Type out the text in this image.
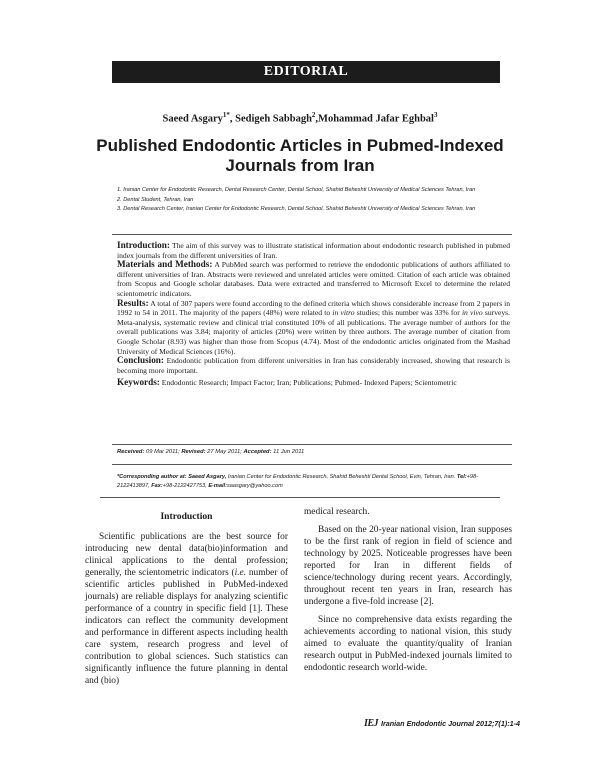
EDITORIAL
Saeed Asgary$^{1*}$, Sedigeh Sabbagh$^2$,Mohammad Jafar Eghbal$^3$
Published Endodontic Articles in Pubmed-Indexed Journals from Iran
1. Iranian Center for Endodontic Research, Dental Research Center, Dental School, Shahid Beheshti University of Medical Sciences Tehran, Iran
2. Dental Student, Tehran, Iran
3. Dental Research Center, Iranian Center for Endodontic Research, Dental School, Shahid Beheshti University of Medical Sciences Tehran, Iran

Introduction: The aim of this survey was to illustrate statistical information about endodontic research published in pubmed index journals from the different universities of Iran.

Materials and Methods: A PubMed search was performed to retrieve the endodontic publications of authors affiliated to different universities of Iran. Abstracts were reviewed and unrelated articles were omitted. Citation of each article was obtained from Scopus and Google scholar databases. Data were extracted and transferred to Microsoft Excel to determine the related scientometric indicators.

Results: A total of 307 papers were found according to the defined criteria which shows considerable increase from 2 papers in 1992 to 54 in 2011. The majority of the papers (48%) were related to in vitro studies; this number was 33% for in vivo surveys. Meta-analysis, systematic review and clinical trial constituted 10% of all publications. The average number of authors for the overall publications was 3.84; majority of articles (20%) were written by three authors. The average number of citation from Google Scholar (8.93) was higher than those from Scopus (4.74). Most of the endodontic articles originated from the Mashad University of Medical Sciences (16%).

Conclusion: Endodontic publication from different universities in Iran has considerably increased, showing that research is becoming more important.

Keywords: Endodontic Research; Impact Factor; Iran; Publications; Pubmed- Indexed Papers; Scientometric

Received: 09 Mar 2011; Revised: 27 May 2011; Accepted: 11 Jun 2011
*Corresponding author at: Saeed Asgary, Iranian Center for Endodontic Research, Shahid Beheshti Dental School, Evin, Tehran, Iran. Tel:+98-2122413897, Fax:+98-2122427753, E-mail:saasgary@yahoo.com

Introduction

Scientific publications are the best source for introducing new dental data(bio)information and clinical applications to the dental profession; generally, the scientometric indicators (i.e. number of scientific articles published in PubMed-indexed journals) are reliable displays for analyzing scientific performance of a country in specific field [1]. These indicators can reflect the community development and performance in different aspects including health care system, research progress and level of contribution to global sciences. Such statistics can significantly influence the future planning in dental and (bio)

medical research.

Based on the 20-year national vision, Iran supposes to be the first rank of region in field of science and technology by 2025. Noticeable progresses have been reported for Iran in different fields of science/technology during recent years. Accordingly, throughout recent ten years in Iran, research has undergone a five-fold increase [2].

Since no comprehensive data exists regarding the achievements according to national vision, this study aimed to evaluate the quantity/quality of Iranian research output in PubMed-indexed journals limited to endodontic research world-wide.

IEJ Iranian Endodontic Journal 2012;7(1):1-4
